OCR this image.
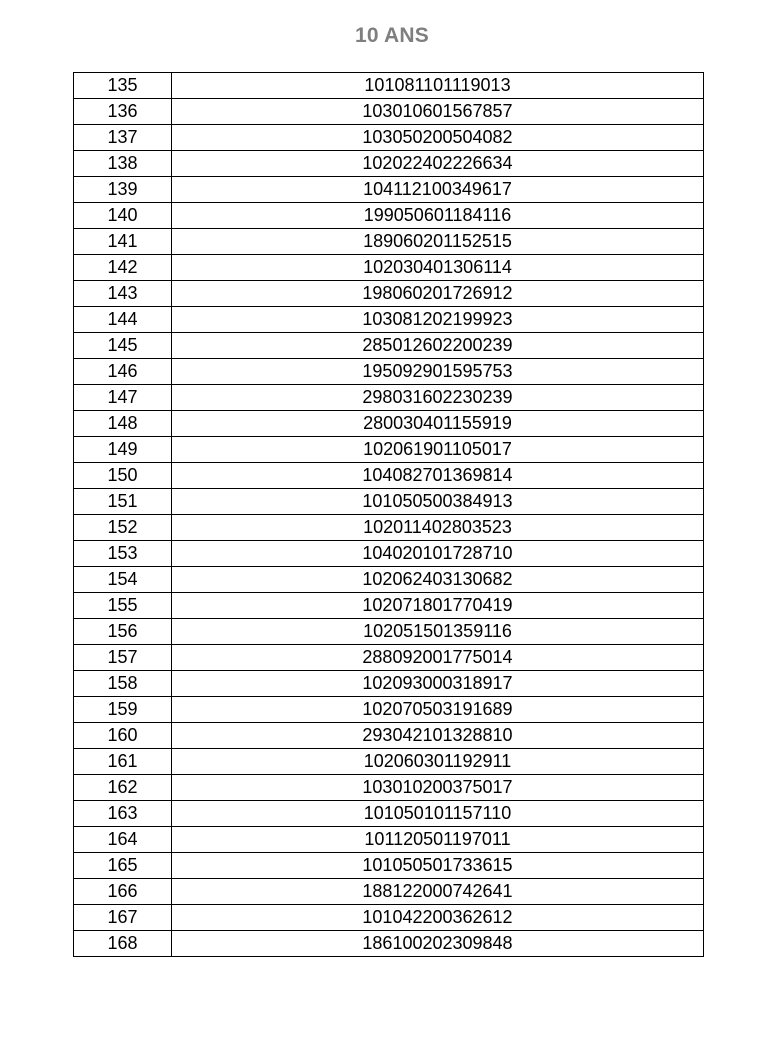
10 ANS
135	101081101119013
136	103010601567857
137	103050200504082
138	102022402226634
139	104112100349617
140	199050601184116
141	189060201152515
142	102030401306114
143	198060201726912
144	103081202199923
145	285012602200239
146	195092901595753
147	298031602230239
148	280030401155919
149	102061901105017
150	104082701369814
151	101050500384913
152	102011402803523
153	104020101728710
154	102062403130682
155	102071801770419
156	102051501359116
157	288092001775014
158	102093000318917
159	102070503191689
160	293042101328810
161	102060301192911
162	103010200375017
163	101050101157110
164	101120501197011
165	101050501733615
166	188122000742641
167	101042200362612
168	186100202309848
